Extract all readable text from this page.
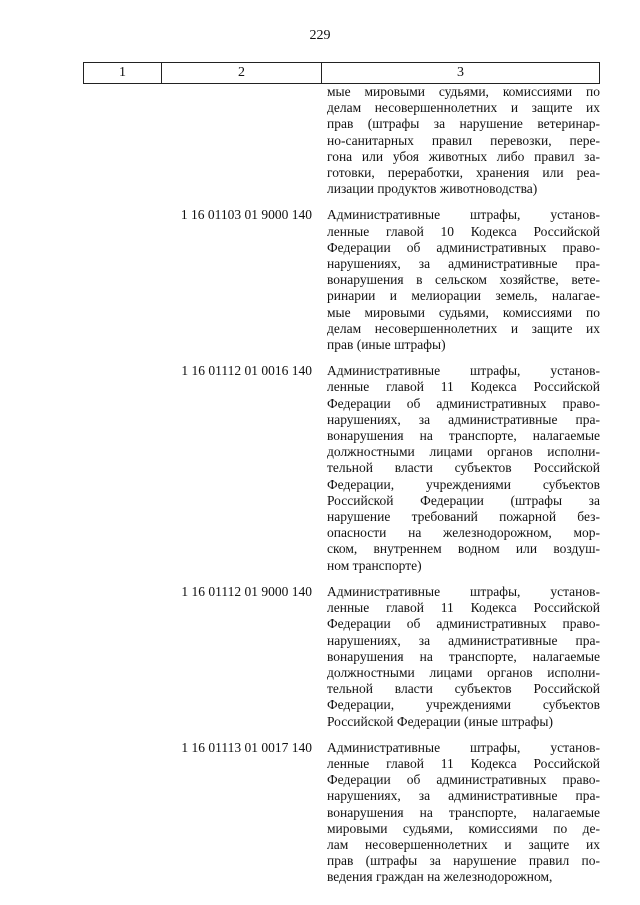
229
1	2	3
мые мировыми судьями, комиссиями по
делам несовершеннолетних и защите их
прав (штрафы за нарушение ветеринар-
но-санитарных правил перевозки, пере-
гона или убоя животных либо правил за-
готовки, переработки, хранения или реа-
лизации продуктов животноводства)
1 16 01103 01 9000 140	Административные штрафы, установ-
ленные главой 10 Кодекса Российской
Федерации об административных право-
нарушениях, за административные пра-
вонарушения в сельском хозяйстве, вете-
ринарии и мелиорации земель, налагае-
мые мировыми судьями, комиссиями по
делам несовершеннолетних и защите их
прав (иные штрафы)
1 16 01112 01 0016 140	Административные штрафы, установ-
ленные главой 11 Кодекса Российской
Федерации об административных право-
нарушениях, за административные пра-
вонарушения на транспорте, налагаемые
должностными лицами органов исполни-
тельной власти субъектов Российской
Федерации, учреждениями субъектов
Российской Федерации (штрафы за
нарушение требований пожарной без-
опасности на железнодорожном, мор-
ском, внутреннем водном или воздуш-
ном транспорте)
1 16 01112 01 9000 140	Административные штрафы, установ-
ленные главой 11 Кодекса Российской
Федерации об административных право-
нарушениях, за административные пра-
вонарушения на транспорте, налагаемые
должностными лицами органов исполни-
тельной власти субъектов Российской
Федерации, учреждениями субъектов
Российской Федерации (иные штрафы)
1 16 01113 01 0017 140	Административные штрафы, установ-
ленные главой 11 Кодекса Российской
Федерации об административных право-
нарушениях, за административные пра-
вонарушения на транспорте, налагаемые
мировыми судьями, комиссиями по де-
лам несовершеннолетних и защите их
прав (штрафы за нарушение правил по-
ведения граждан на железнодорожном,
